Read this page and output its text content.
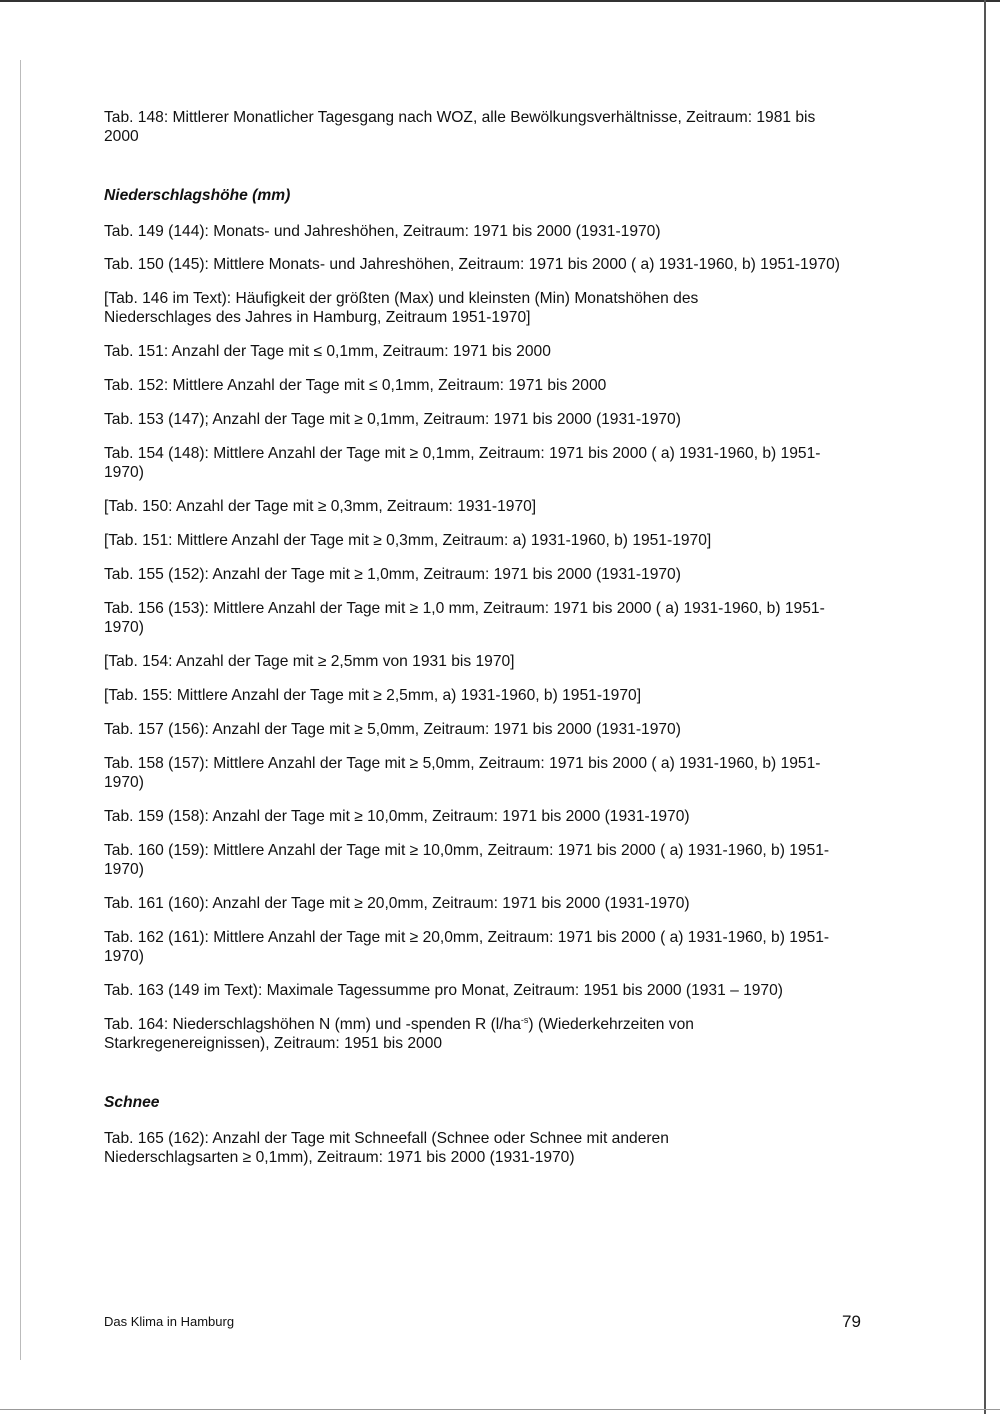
Tab. 148: Mittlerer Monatlicher Tagesgang nach WOZ, alle Bewölkungsverhältnisse, Zeitraum: 1981 bis 2000

Niederschlagshöhe (mm)

Tab. 149 (144): Monats- und Jahreshöhen, Zeitraum: 1971 bis 2000 (1931-1970)

Tab. 150 (145): Mittlere Monats- und Jahreshöhen, Zeitraum: 1971 bis 2000 ( a) 1931-1960, b) 1951-1970)

[Tab. 146 im Text): Häufigkeit der größten (Max) und kleinsten (Min) Monatshöhen des Niederschlages des Jahres in Hamburg, Zeitraum 1951-1970]

Tab. 151: Anzahl der Tage mit ≤ 0,1mm, Zeitraum: 1971 bis 2000

Tab. 152: Mittlere Anzahl der Tage mit ≤ 0,1mm, Zeitraum: 1971 bis 2000

Tab. 153 (147); Anzahl der Tage mit ≥ 0,1mm, Zeitraum: 1971 bis 2000 (1931-1970)

Tab. 154 (148): Mittlere Anzahl der Tage mit ≥ 0,1mm, Zeitraum: 1971 bis 2000 ( a) 1931-1960, b) 1951-1970)

[Tab. 150: Anzahl der Tage mit ≥ 0,3mm, Zeitraum: 1931-1970]

[Tab. 151: Mittlere Anzahl der Tage mit ≥ 0,3mm, Zeitraum: a) 1931-1960, b) 1951-1970]

Tab. 155 (152): Anzahl der Tage mit ≥ 1,0mm, Zeitraum: 1971 bis 2000 (1931-1970)

Tab. 156 (153): Mittlere Anzahl der Tage mit ≥ 1,0 mm, Zeitraum: 1971 bis 2000 ( a) 1931-1960, b) 1951-1970)

[Tab. 154: Anzahl der Tage mit ≥ 2,5mm von 1931 bis 1970]

[Tab. 155: Mittlere Anzahl der Tage mit ≥ 2,5mm, a) 1931-1960, b) 1951-1970]

Tab. 157 (156): Anzahl der Tage mit ≥ 5,0mm, Zeitraum: 1971 bis 2000 (1931-1970)

Tab. 158 (157): Mittlere Anzahl der Tage mit ≥ 5,0mm, Zeitraum: 1971 bis 2000 ( a) 1931-1960, b) 1951-1970)

Tab. 159 (158): Anzahl der Tage mit ≥ 10,0mm, Zeitraum: 1971 bis 2000 (1931-1970)

Tab. 160 (159): Mittlere Anzahl der Tage mit ≥ 10,0mm, Zeitraum: 1971 bis 2000 ( a) 1931-1960, b) 1951-1970)

Tab. 161 (160): Anzahl der Tage mit ≥ 20,0mm, Zeitraum: 1971 bis 2000 (1931-1970)

Tab. 162 (161): Mittlere Anzahl der Tage mit ≥ 20,0mm, Zeitraum: 1971 bis 2000 ( a) 1931-1960, b) 1951-1970)

Tab. 163 (149 im Text): Maximale Tagessumme pro Monat, Zeitraum: 1951 bis 2000 (1931 – 1970)

Tab. 164: Niederschlagshöhen N (mm) und -spenden R $(l/ha^{-s})$ (Wiederkehrzeiten von Starkregenereignissen), Zeitraum: 1951 bis 2000

Schnee

Tab. 165 (162): Anzahl der Tage mit Schneefall (Schnee oder Schnee mit anderen Niederschlagsarten ≥ 0,1mm), Zeitraum: 1971 bis 2000 (1931-1970)

Das Klima in Hamburg	79
